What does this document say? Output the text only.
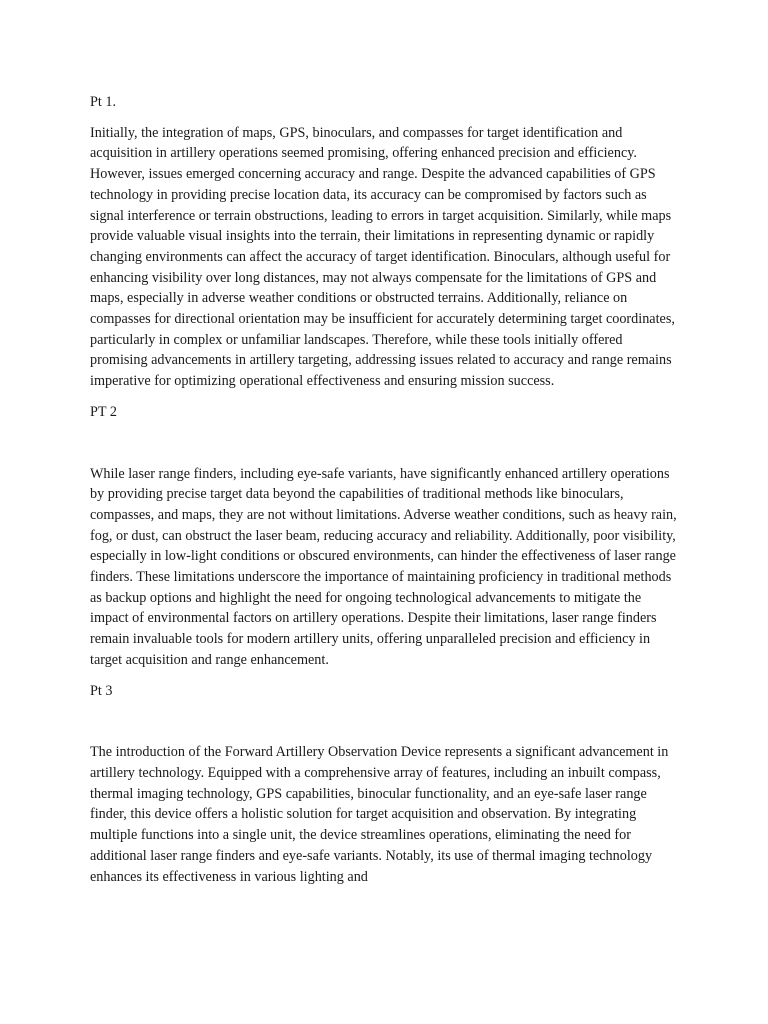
Pt 1.

Initially, the integration of maps, GPS, binoculars, and compasses for target identification and acquisition in artillery operations seemed promising, offering enhanced precision and efficiency. However, issues emerged concerning accuracy and range. Despite the advanced capabilities of GPS technology in providing precise location data, its accuracy can be compromised by factors such as signal interference or terrain obstructions, leading to errors in target acquisition. Similarly, while maps provide valuable visual insights into the terrain, their limitations in representing dynamic or rapidly changing environments can affect the accuracy of target identification. Binoculars, although useful for enhancing visibility over long distances, may not always compensate for the limitations of GPS and maps, especially in adverse weather conditions or obstructed terrains. Additionally, reliance on compasses for directional orientation may be insufficient for accurately determining target coordinates, particularly in complex or unfamiliar landscapes. Therefore, while these tools initially offered promising advancements in artillery targeting, addressing issues related to accuracy and range remains imperative for optimizing operational effectiveness and ensuring mission success.

PT 2

While laser range finders, including eye-safe variants, have significantly enhanced artillery operations by providing precise target data beyond the capabilities of traditional methods like binoculars, compasses, and maps, they are not without limitations. Adverse weather conditions, such as heavy rain, fog, or dust, can obstruct the laser beam, reducing accuracy and reliability. Additionally, poor visibility, especially in low-light conditions or obscured environments, can hinder the effectiveness of laser range finders. These limitations underscore the importance of maintaining proficiency in traditional methods as backup options and highlight the need for ongoing technological advancements to mitigate the impact of environmental factors on artillery operations. Despite their limitations, laser range finders remain invaluable tools for modern artillery units, offering unparalleled precision and efficiency in target acquisition and range enhancement.

Pt 3

The introduction of the Forward Artillery Observation Device represents a significant advancement in artillery technology. Equipped with a comprehensive array of features, including an inbuilt compass, thermal imaging technology, GPS capabilities, binocular functionality, and an eye-safe laser range finder, this device offers a holistic solution for target acquisition and observation. By integrating multiple functions into a single unit, the device streamlines operations, eliminating the need for additional laser range finders and eye-safe variants. Notably, its use of thermal imaging technology enhances its effectiveness in various lighting and
